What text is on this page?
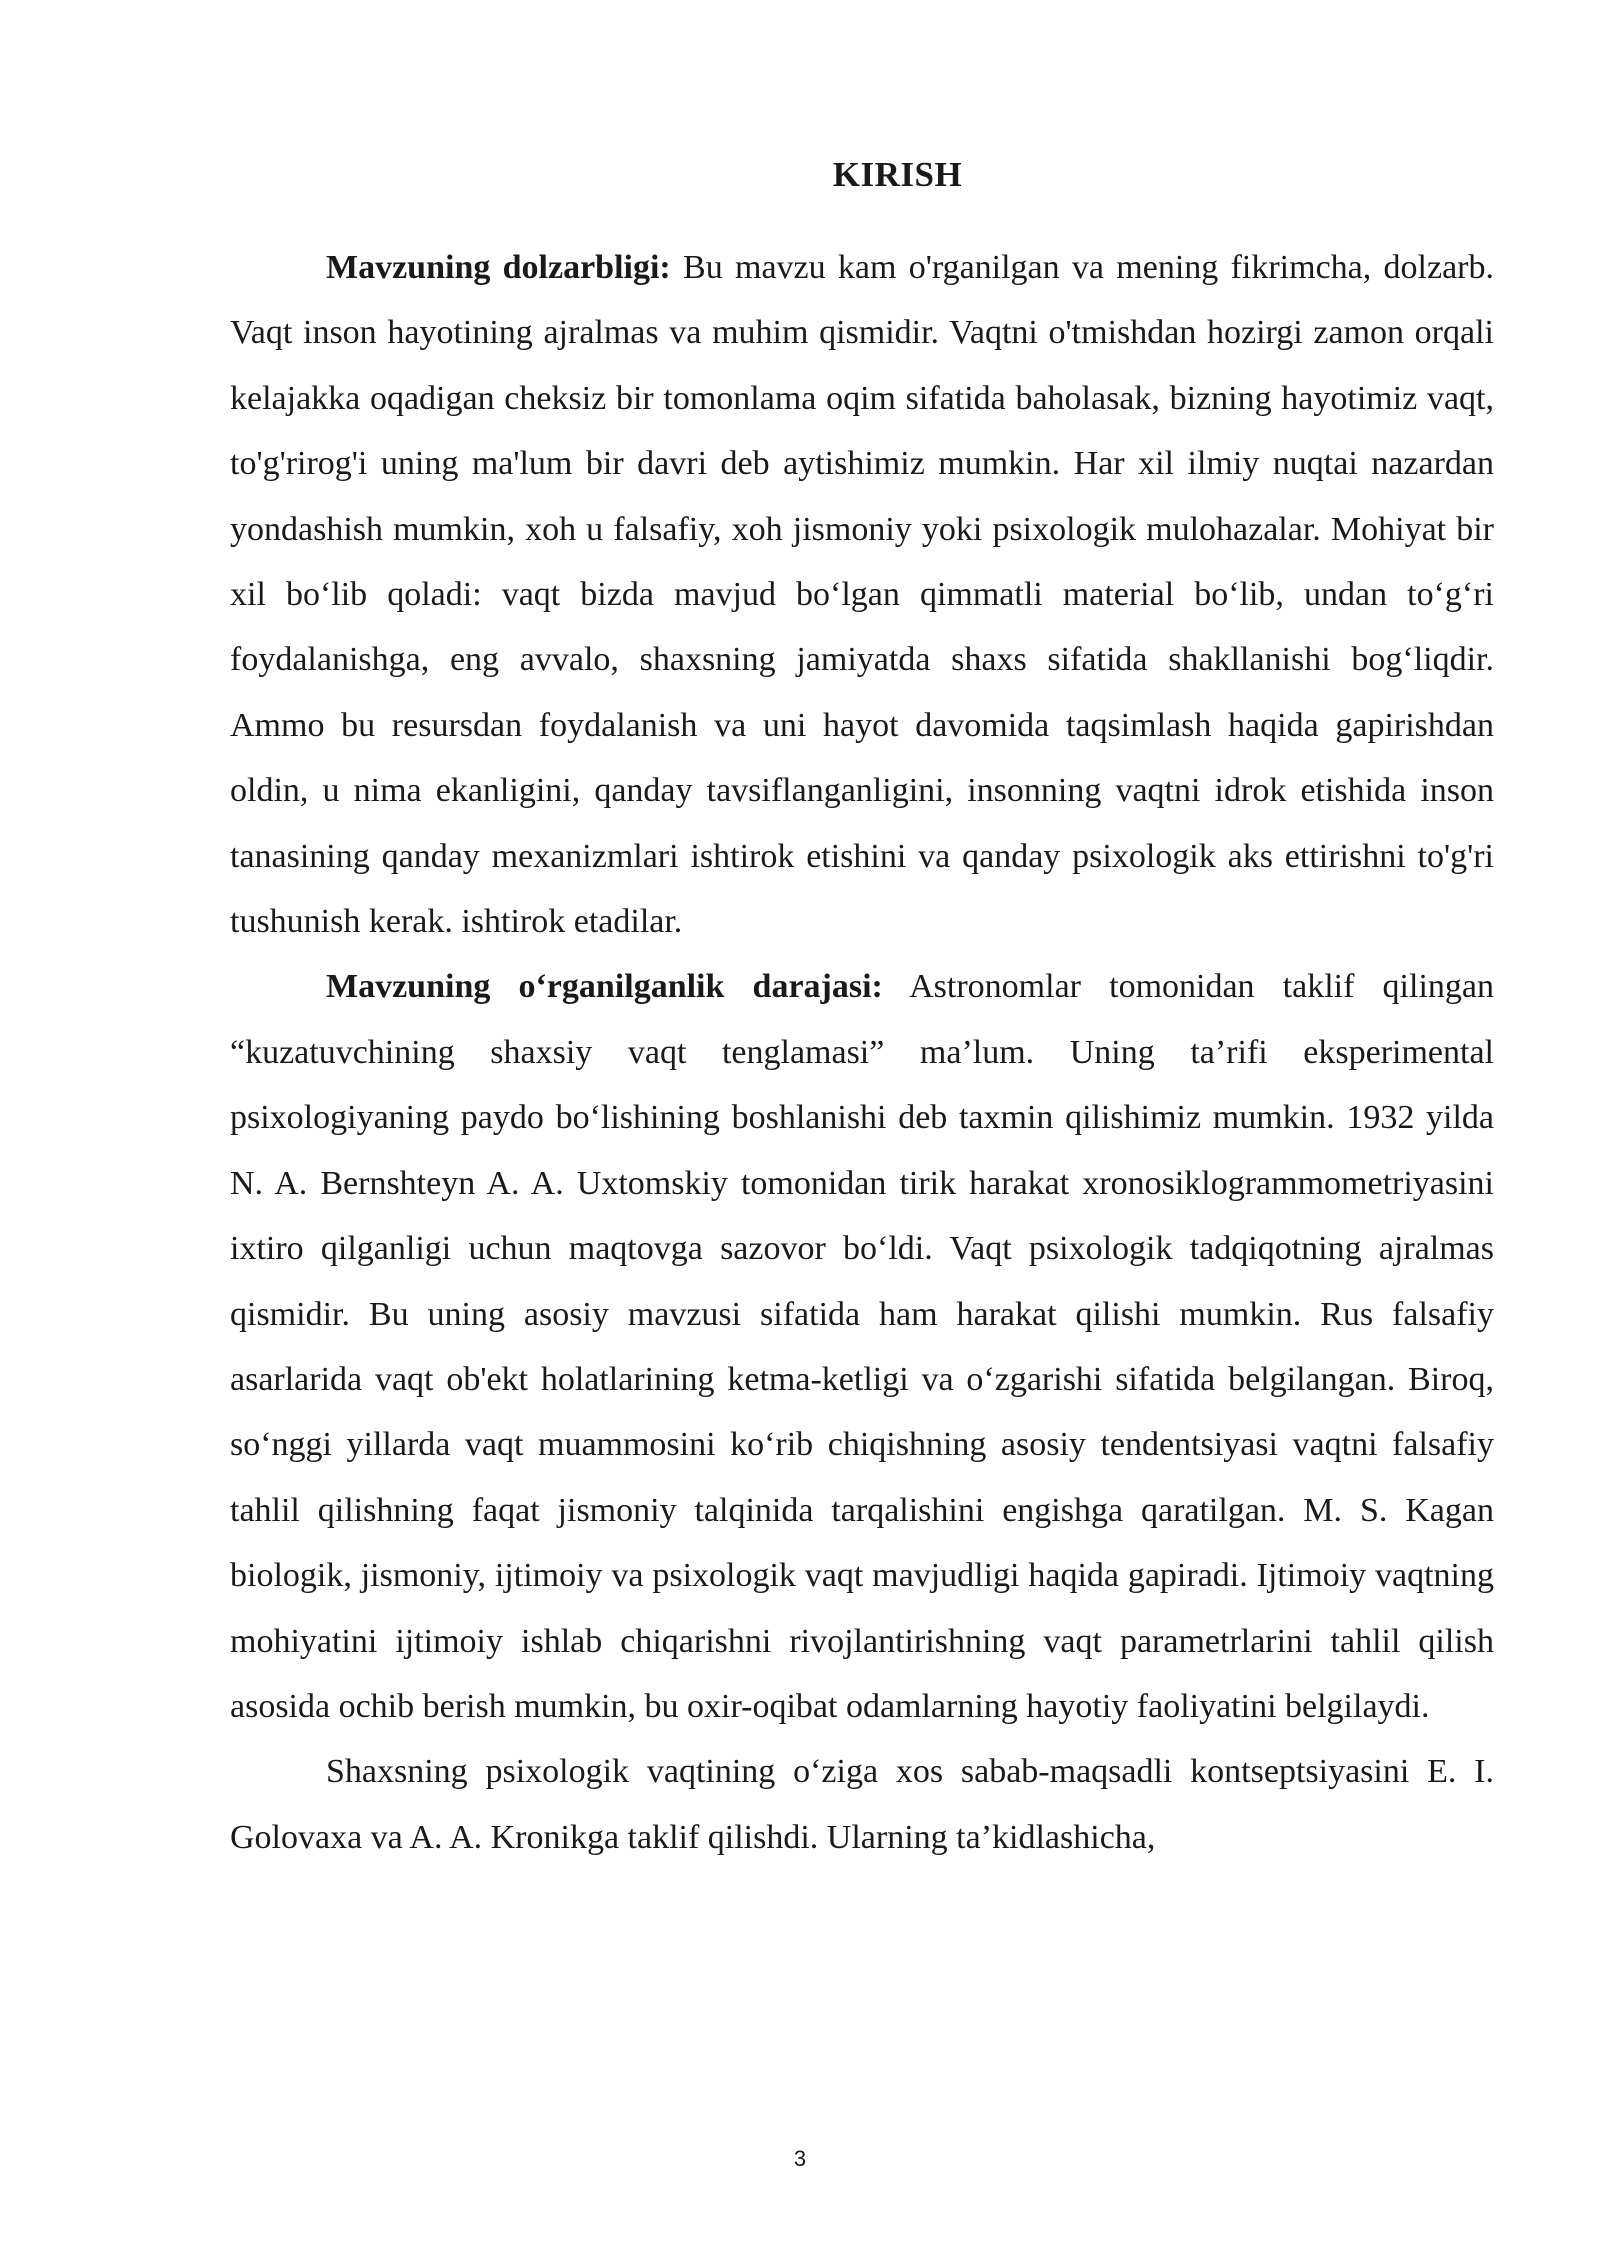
KIRISH

Mavzuning dolzarbligi: Bu mavzu kam o'rganilgan va mening fikrimcha, dolzarb. Vaqt inson hayotining ajralmas va muhim qismidir. Vaqtni o'tmishdan hozirgi zamon orqali kelajakka oqadigan cheksiz bir tomonlama oqim sifatida baholasak, bizning hayotimiz vaqt, to'g'rirog'i uning ma'lum bir davri deb aytishimiz mumkin. Har xil ilmiy nuqtai nazardan yondashish mumkin, xoh u falsafiy, xoh jismoniy yoki psixologik mulohazalar. Mohiyat bir xil bo‘lib qoladi: vaqt bizda mavjud bo‘lgan qimmatli material bo‘lib, undan to‘g‘ri foydalanishga, eng avvalo, shaxsning jamiyatda shaxs sifatida shakllanishi bog‘liqdir. Ammo bu resursdan foydalanish va uni hayot davomida taqsimlash haqida gapirishdan oldin, u nima ekanligini, qanday tavsiflanganligini, insonning vaqtni idrok etishida inson tanasining qanday mexanizmlari ishtirok etishini va qanday psixologik aks ettirishni to'g'ri tushunish kerak. ishtirok etadilar.

Mavzuning o‘rganilganlik darajasi: Astronomlar tomonidan taklif qilingan “kuzatuvchining shaxsiy vaqt tenglamasi” ma’lum. Uning ta’rifi eksperimental psixologiyaning paydo bo‘lishining boshlanishi deb taxmin qilishimiz mumkin. 1932 yilda N. A. Bernshteyn A. A. Uxtomskiy tomonidan tirik harakat xronosiklogrammometriyasini ixtiro qilganligi uchun maqtovga sazovor bo‘ldi. Vaqt psixologik tadqiqotning ajralmas qismidir. Bu uning asosiy mavzusi sifatida ham harakat qilishi mumkin. Rus falsafiy asarlarida vaqt ob'ekt holatlarining ketma-ketligi va o‘zgarishi sifatida belgilangan. Biroq, so‘nggi yillarda vaqt muammosini ko‘rib chiqishning asosiy tendentsiyasi vaqtni falsafiy tahlil qilishning faqat jismoniy talqinida tarqalishini engishga qaratilgan. M. S. Kagan biologik, jismoniy, ijtimoiy va psixologik vaqt mavjudligi haqida gapiradi. Ijtimoiy vaqtning mohiyatini ijtimoiy ishlab chiqarishni rivojlantirishning vaqt parametrlarini tahlil qilish asosida ochib berish mumkin, bu oxir-oqibat odamlarning hayotiy faoliyatini belgilaydi.

Shaxsning psixologik vaqtining o‘ziga xos sabab-maqsadli kontseptsiyasini E. I. Golovaxa va A. A. Kronikga taklif qilishdi. Ularning ta’kidlashicha,

3
